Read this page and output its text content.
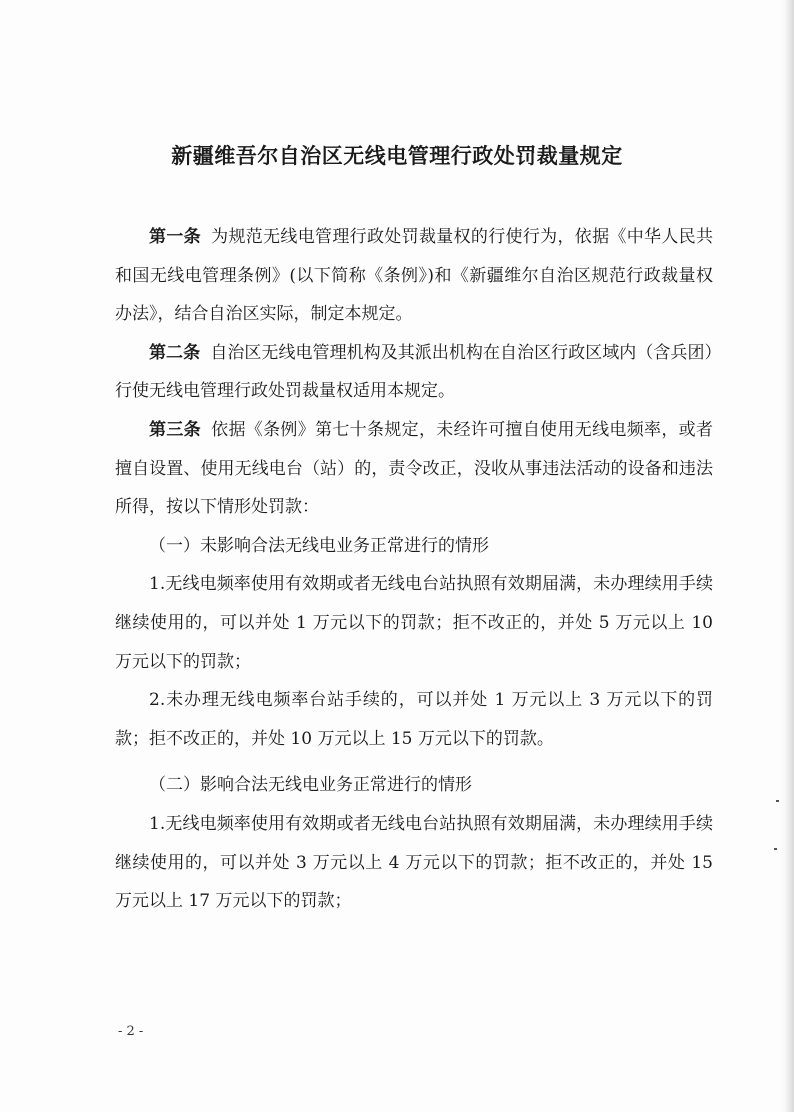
新疆维吾尔自治区无线电管理行政处罚裁量规定

第一条 为规范无线电管理行政处罚裁量权的行使行为，依据《中华人民共和国无线电管理条例》(以下简称《条例》)和《新疆维尔自治区规范行政裁量权办法》，结合自治区实际，制定本规定。

第二条 自治区无线电管理机构及其派出机构在自治区行政区域内（含兵团）行使无线电管理行政处罚裁量权适用本规定。

第三条 依据《条例》第七十条规定，未经许可擅自使用无线电频率，或者擅自设置、使用无线电台（站）的，责令改正，没收从事违法活动的设备和违法所得，按以下情形处罚款：

（一）未影响合法无线电业务正常进行的情形

1.无线电频率使用有效期或者无线电台站执照有效期届满，未办理续用手续继续使用的，可以并处 1 万元以下的罚款；拒不改正的，并处 5 万元以上 10 万元以下的罚款；

2.未办理无线电频率台站手续的，可以并处 1 万元以上 3 万元以下的罚款；拒不改正的，并处 10 万元以上 15 万元以下的罚款。

（二）影响合法无线电业务正常进行的情形

1.无线电频率使用有效期或者无线电台站执照有效期届满，未办理续用手续继续使用的，可以并处 3 万元以上 4 万元以下的罚款；拒不改正的，并处 15 万元以上 17 万元以下的罚款；

- 2 -
